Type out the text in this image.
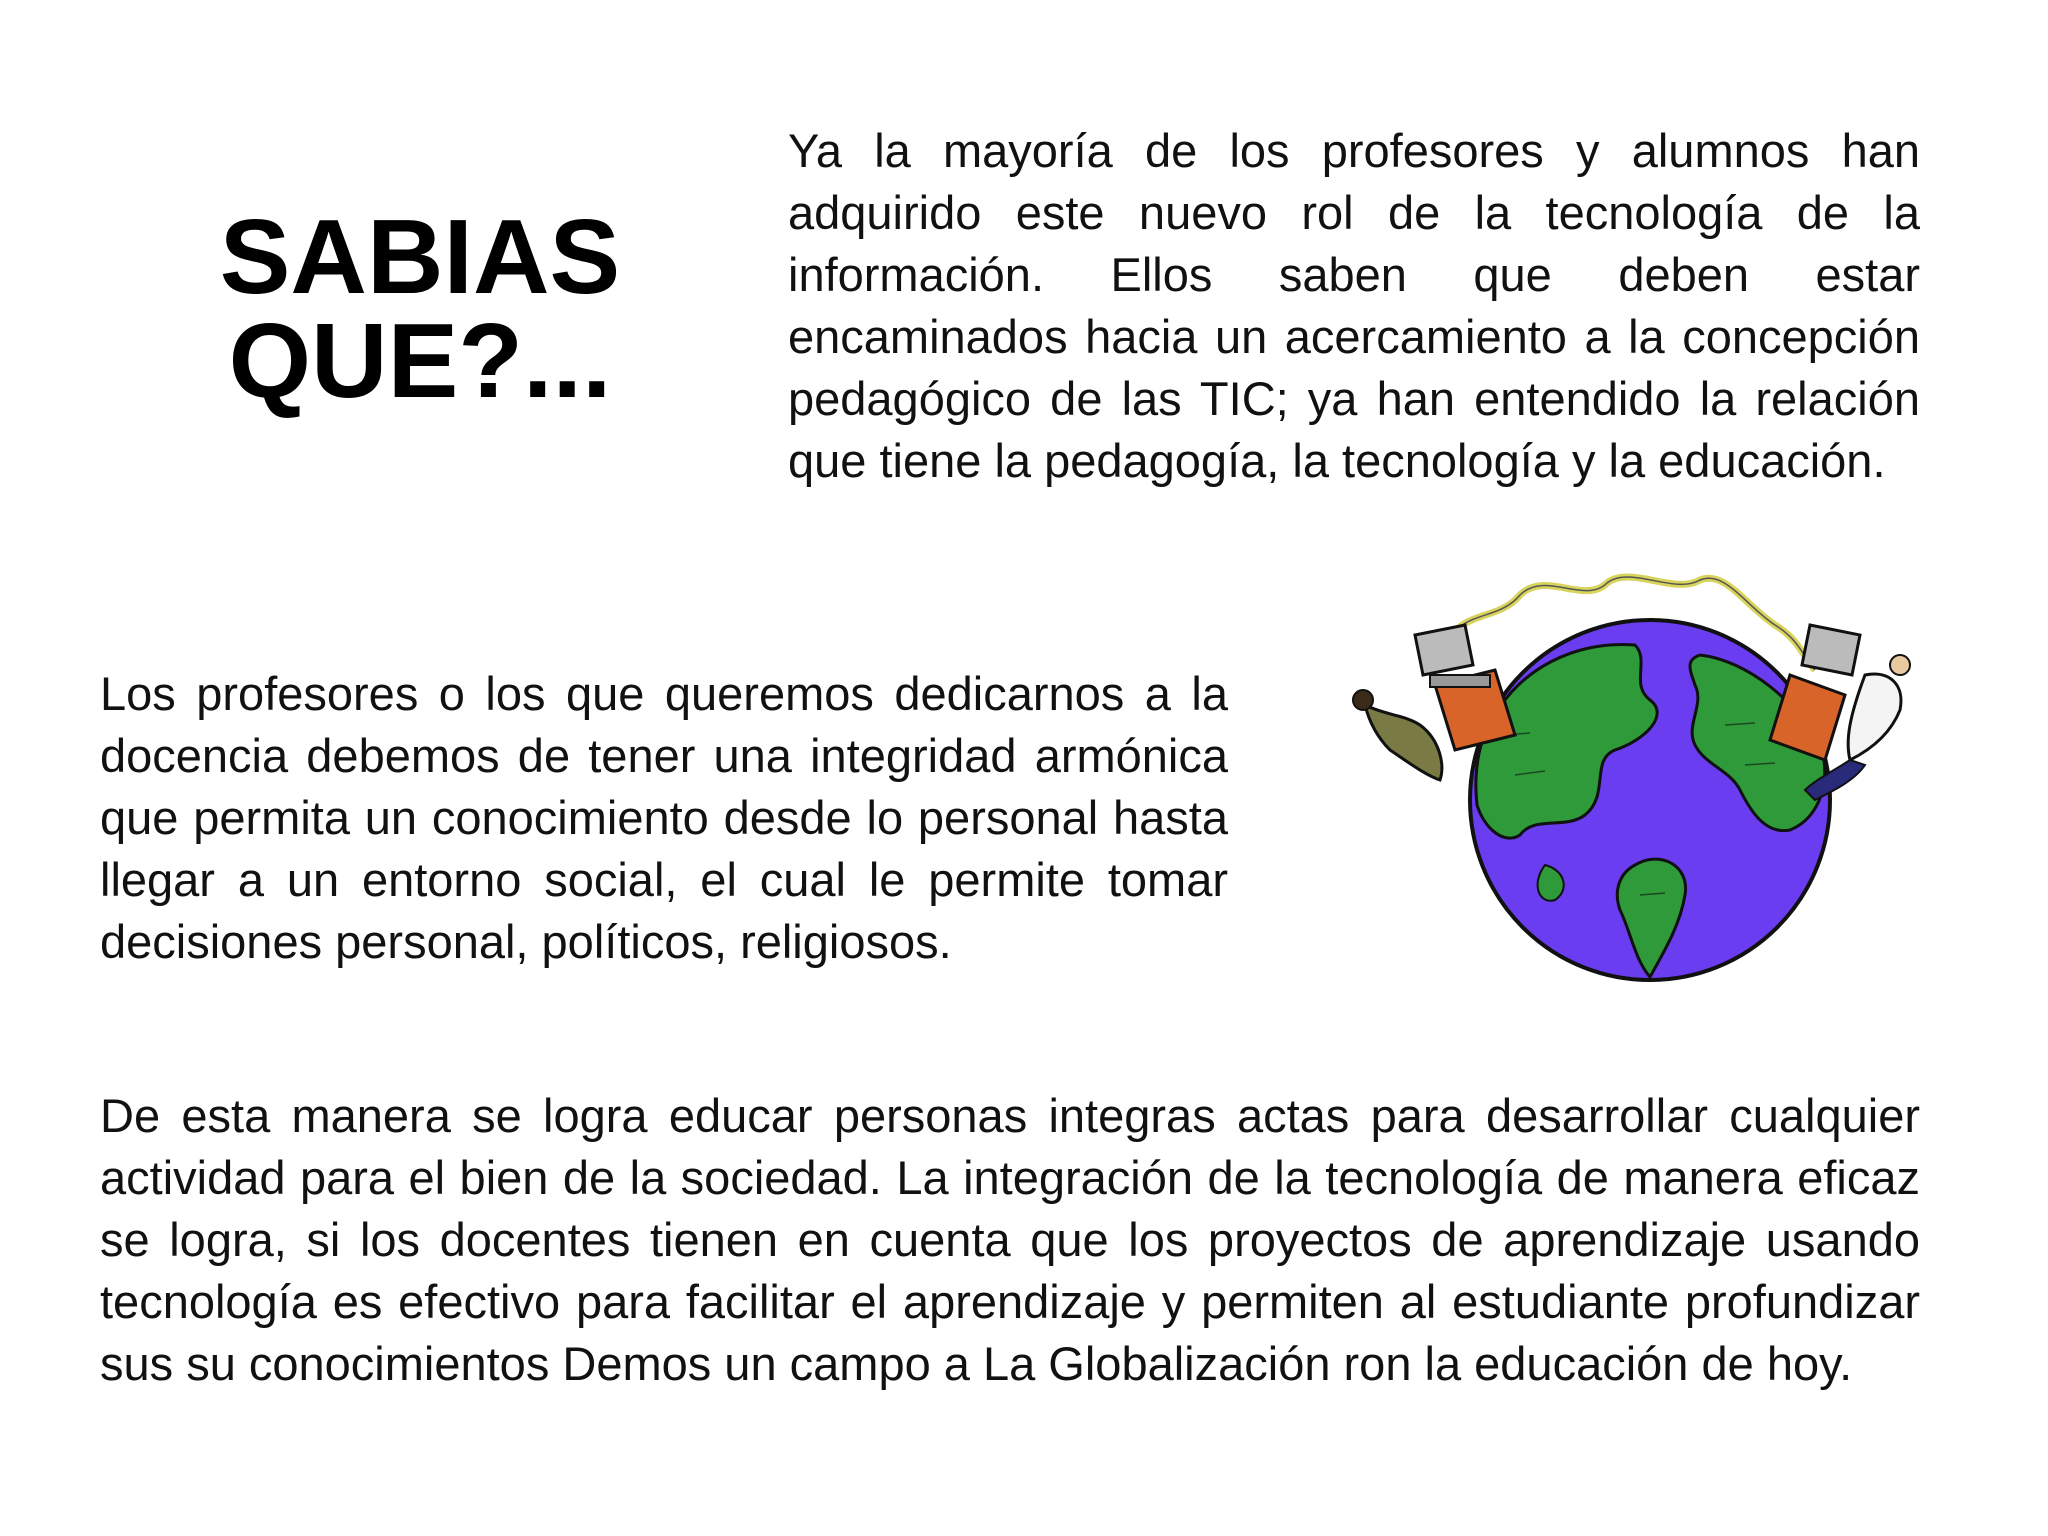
SABIAS
QUE?...

Ya la mayoría de los profesores y alumnos han adquirido este nuevo rol de la tecnología de la información. Ellos saben que deben estar encaminados hacia un acercamiento a la concepción pedagógico de las TIC; ya han entendido la relación que tiene la pedagogía, la tecnología y la educación.

Los profesores o los que queremos dedicarnos a la docencia debemos de tener una integridad armónica que permita un conocimiento desde lo personal hasta llegar a un entorno social, el cual le permite tomar decisiones personal, políticos, religiosos.

De esta manera se logra educar personas integras actas para desarrollar cualquier actividad para el bien de la sociedad. La integración de la tecnología de manera eficaz se logra, si los docentes tienen en cuenta que los proyectos de aprendizaje usando tecnología es efectivo para facilitar el aprendizaje y permiten al estudiante profundizar sus su conocimientos Demos un campo a La Globalización ron la educación de hoy.
